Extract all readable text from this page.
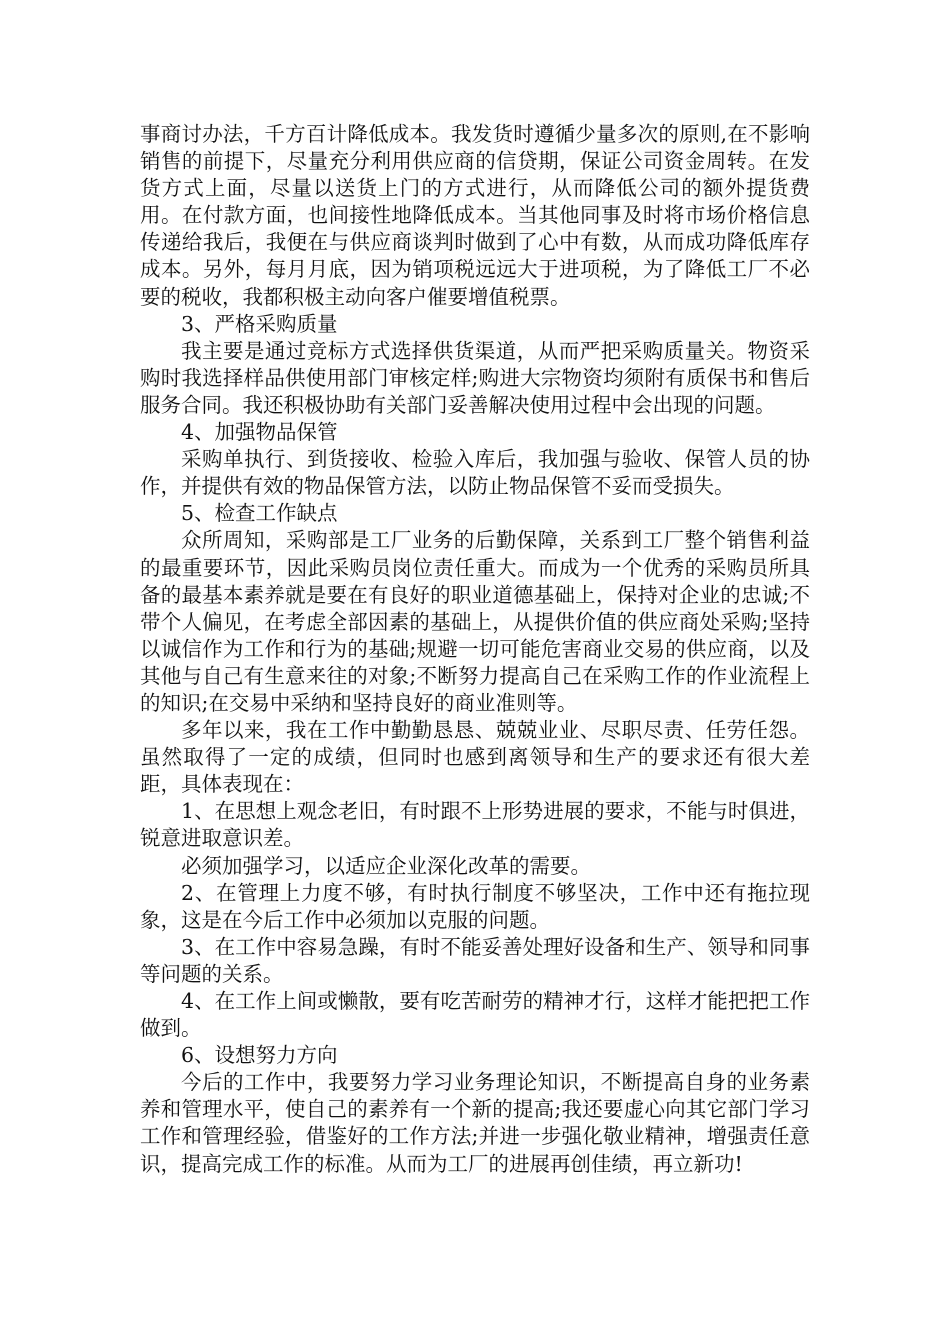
事商讨办法，千方百计降低成本。我发货时遵循少量多次的原则,在不影响销售的前提下，尽量充分利用供应商的信贷期，保证公司资金周转。在发货方式上面，尽量以送货上门的方式进行，从而降低公司的额外提货费用。在付款方面，也间接性地降低成本。当其他同事及时将市场价格信息传递给我后，我便在与供应商谈判时做到了心中有数，从而成功降低库存成本。另外，每月月底，因为销项税远远大于进项税，为了降低工厂不必要的税收，我都积极主动向客户催要增值税票。

3、严格采购质量

我主要是通过竞标方式选择供货渠道，从而严把采购质量关。物资采购时我选择样品供使用部门审核定样;购进大宗物资均须附有质保书和售后服务合同。我还积极协助有关部门妥善解决使用过程中会出现的问题。

4、加强物品保管

采购单执行、到货接收、检验入库后，我加强与验收、保管人员的协作，并提供有效的物品保管方法，以防止物品保管不妥而受损失。

5、检查工作缺点

众所周知，采购部是工厂业务的后勤保障，关系到工厂整个销售利益的最重要环节，因此采购员岗位责任重大。而成为一个优秀的采购员所具备的最基本素养就是要在有良好的职业道德基础上，保持对企业的忠诚;不带个人偏见，在考虑全部因素的基础上，从提供价值的供应商处采购;坚持以诚信作为工作和行为的基础;规避一切可能危害商业交易的供应商，以及其他与自己有生意来往的对象;不断努力提高自己在采购工作的作业流程上的知识;在交易中采纳和坚持良好的商业准则等。

多年以来，我在工作中勤勤恳恳、兢兢业业、尽职尽责、任劳任怨。虽然取得了一定的成绩，但同时也感到离领导和生产的要求还有很大差距，具体表现在：

1、在思想上观念老旧，有时跟不上形势进展的要求，不能与时俱进，锐意进取意识差。

必须加强学习，以适应企业深化改革的需要。

2、在管理上力度不够，有时执行制度不够坚决，工作中还有拖拉现象，这是在今后工作中必须加以克服的问题。

3、在工作中容易急躁，有时不能妥善处理好设备和生产、领导和同事等问题的关系。

4、在工作上间或懒散，要有吃苦耐劳的精神才行，这样才能把把工作做到。

6、设想努力方向

今后的工作中，我要努力学习业务理论知识，不断提高自身的业务素养和管理水平，使自己的素养有一个新的提高;我还要虚心向其它部门学习工作和管理经验，借鉴好的工作方法;并进一步强化敬业精神，增强责任意识，提高完成工作的标准。从而为工厂的进展再创佳绩，再立新功!
